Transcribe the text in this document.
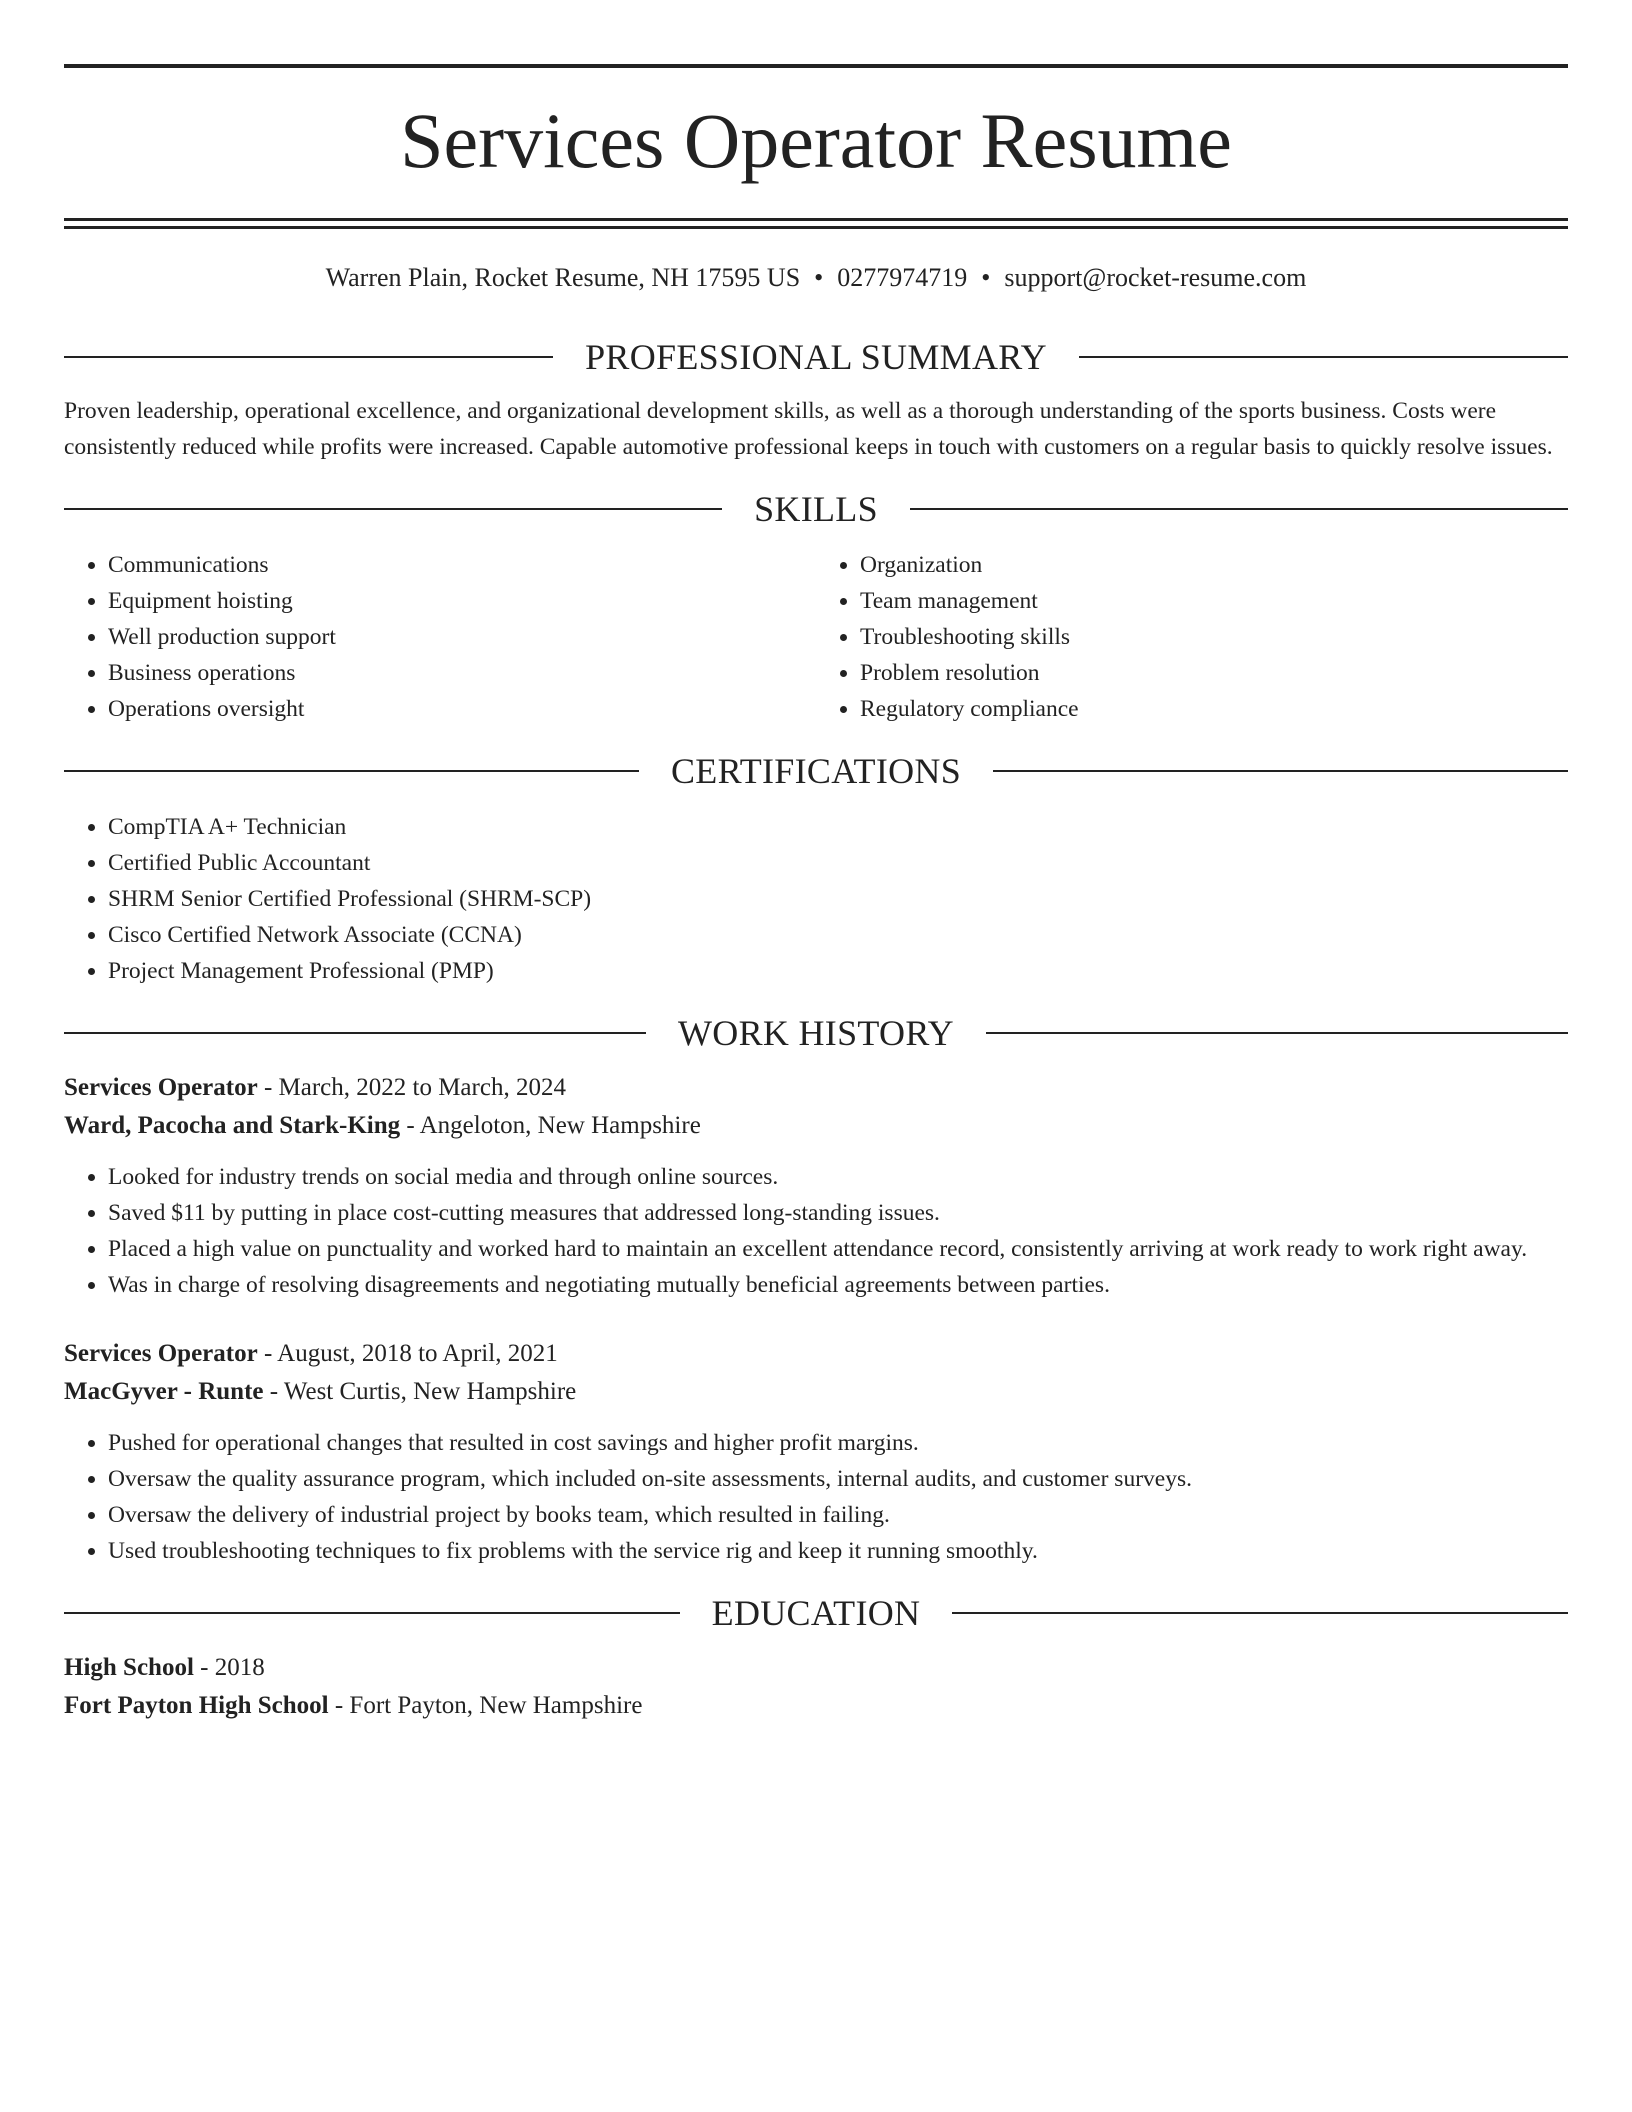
Services Operator Resume
Warren Plain, Rocket Resume, NH 17595 US • 0277974719 • support@rocket-resume.com
PROFESSIONAL SUMMARY

Proven leadership, operational excellence, and organizational development skills, as well as a thorough understanding of the sports business. Costs were consistently reduced while profits were increased. Capable automotive professional keeps in touch with customers on a regular basis to quickly resolve issues.

SKILLS
• Communications
• Equipment hoisting
• Well production support
• Business operations
• Operations oversight
• Organization
• Team management
• Troubleshooting skills
• Problem resolution
• Regulatory compliance
CERTIFICATIONS
• CompTIA A+ Technician
• Certified Public Accountant
• SHRM Senior Certified Professional (SHRM-SCP)
• Cisco Certified Network Associate (CCNA)
• Project Management Professional (PMP)
WORK HISTORY
Services Operator - March, 2022 to March, 2024
Ward, Pacocha and Stark-King - Angeloton, New Hampshire
• Looked for industry trends on social media and through online sources.
• Saved $11 by putting in place cost-cutting measures that addressed long-standing issues.
• Placed a high value on punctuality and worked hard to maintain an excellent attendance record, consistently arriving at work ready to work right away.
• Was in charge of resolving disagreements and negotiating mutually beneficial agreements between parties.
Services Operator - August, 2018 to April, 2021
MacGyver - Runte - West Curtis, New Hampshire
• Pushed for operational changes that resulted in cost savings and higher profit margins.
• Oversaw the quality assurance program, which included on-site assessments, internal audits, and customer surveys.
• Oversaw the delivery of industrial project by books team, which resulted in failing.
• Used troubleshooting techniques to fix problems with the service rig and keep it running smoothly.
EDUCATION
High School - 2018
Fort Payton High School - Fort Payton, New Hampshire
